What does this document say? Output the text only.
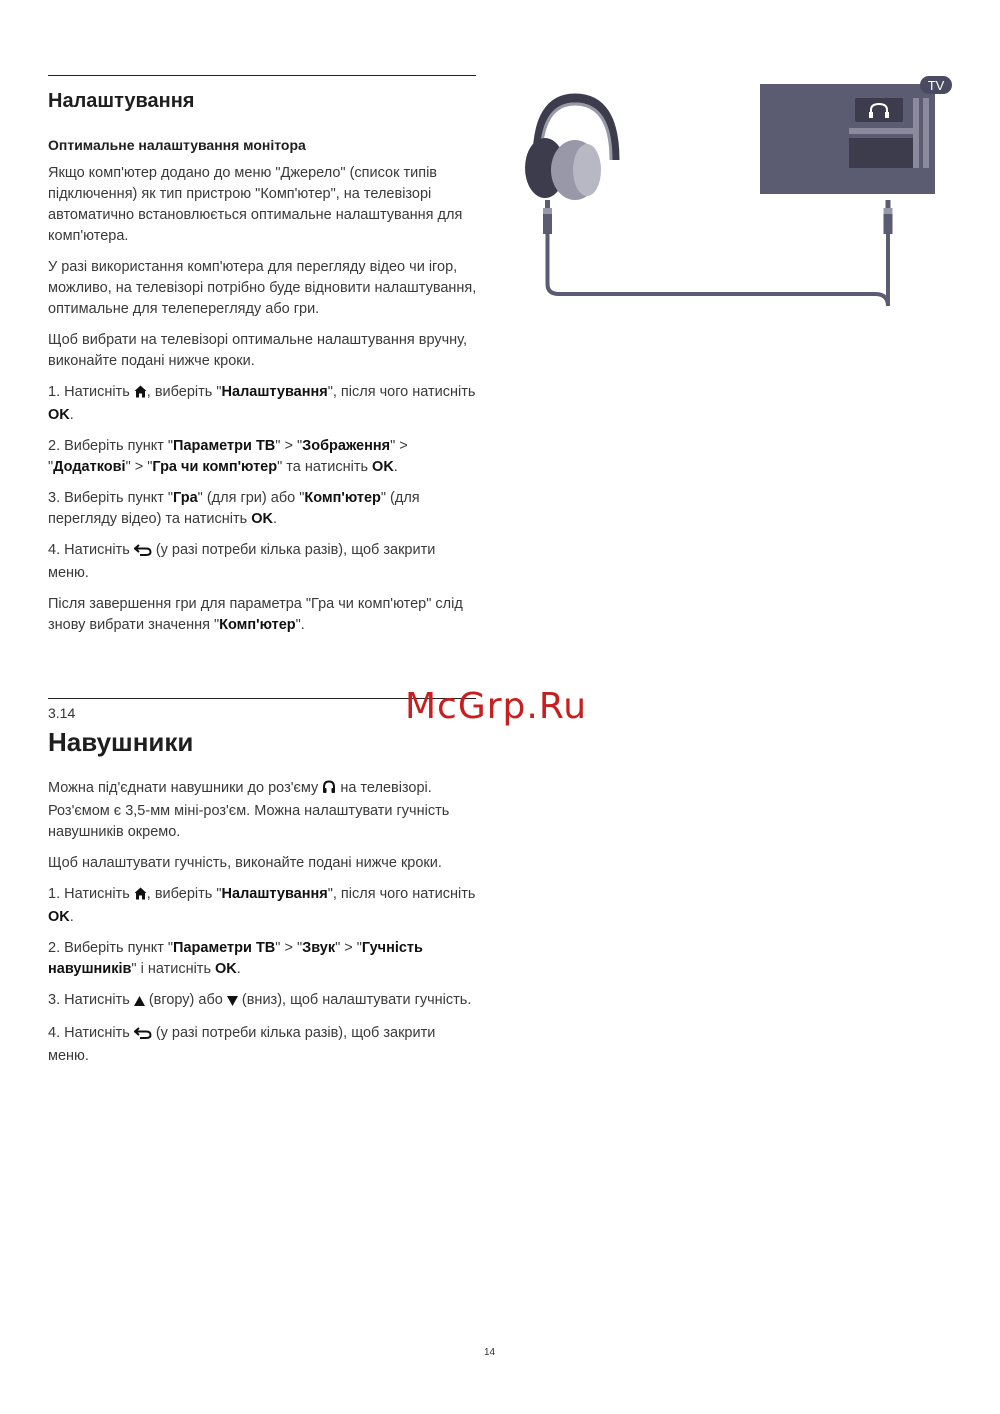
Налаштування
Оптимальне налаштування монітора

Якщо комп'ютер додано до меню "Джерело" (список типів підключення) як тип пристрою "Комп'ютер", на телевізорі автоматично встановлюється оптимальне налаштування для комп'ютера.

У разі використання комп'ютера для перегляду відео чи ігор, можливо, на телевізорі потрібно буде відновити налаштування, оптимальне для телеперегляду або гри.

Щоб вибрати на телевізорі оптимальне налаштування вручну, виконайте подані нижче кроки.

1. Натисніть , виберіть "Налаштування", після чого натисніть OK.

2. Виберіть пункт "Параметри ТВ" > "Зображення" > "Додаткові" > "Гра чи комп'ютер" та натисніть OK.

3. Виберіть пункт "Гра" (для гри) або "Комп'ютер" (для перегляду відео) та натисніть OK.

4. Натисніть  (у разі потреби кілька разів), щоб закрити меню.

Після завершення гри для параметра "Гра чи комп'ютер" слід знову вибрати значення "Комп'ютер".

TV
3.14
Навушники

Можна під'єднати навушники до роз'єму  на телевізорі. Роз'ємом є 3,5-мм міні-роз'єм. Можна налаштувати гучність навушників окремо.

Щоб налаштувати гучність, виконайте подані нижче кроки.

1. Натисніть , виберіть "Налаштування", після чого натисніть OK.

2. Виберіть пункт "Параметри ТВ" > "Звук" > "Гучність навушників" і натисніть OK.

3. Натисніть  (вгору) або  (вниз), щоб налаштувати гучність.

4. Натисніть  (у разі потреби кілька разів), щоб закрити меню.

McGrp.Ru
14
